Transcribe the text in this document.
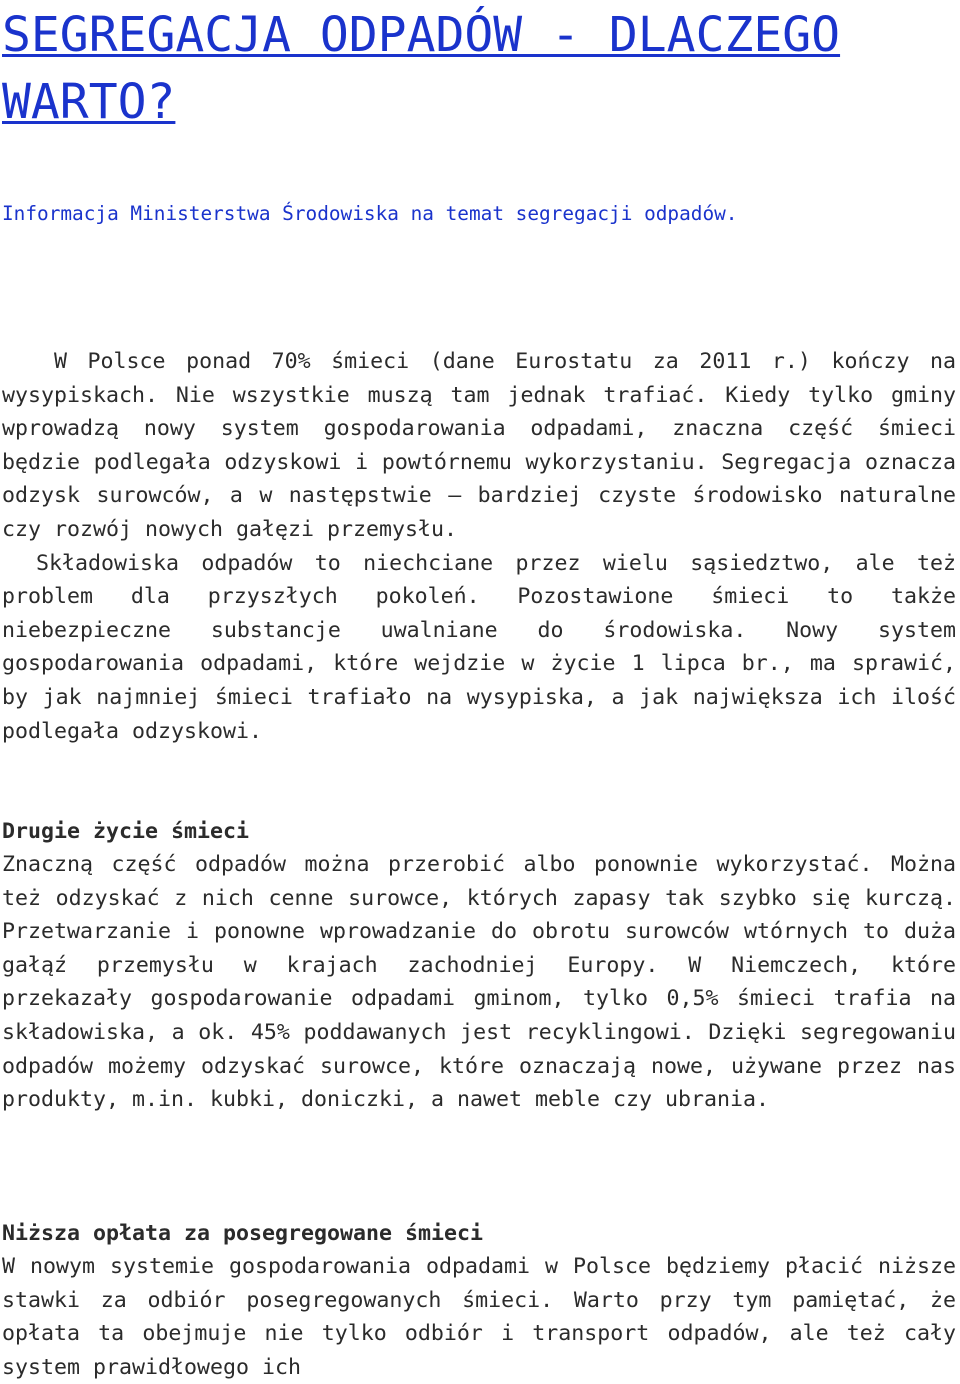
SEGREGACJA ODPADÓW - DLACZEGO WARTO?

Informacja Ministerstwa Środowiska na temat segregacji odpadów.

W Polsce ponad 70% śmieci (dane Eurostatu za 2011 r.) kończy na wysypiskach. Nie wszystkie muszą tam jednak trafiać. Kiedy tylko gminy wprowadzą nowy system gospodarowania odpadami, znaczna część śmieci będzie podlegała odzyskowi i powtórnemu wykorzystaniu. Segregacja oznacza odzysk surowców, a w następstwie – bardziej czyste środowisko naturalne czy rozwój nowych gałęzi przemysłu.
Składowiska odpadów to niechciane przez wielu sąsiedztwo, ale też problem dla przyszłych pokoleń. Pozostawione śmieci to także niebezpieczne substancje uwalniane do środowiska. Nowy system gospodarowania odpadami, które wejdzie w życie 1 lipca br., ma sprawić, by jak najmniej śmieci trafiało na wysypiska, a jak największa ich ilość podlegała odzyskowi.
Drugie życie śmieci

Znaczną część odpadów można przerobić albo ponownie wykorzystać. Można też odzyskać z nich cenne surowce, których zapasy tak szybko się kurczą. Przetwarzanie i ponowne wprowadzanie do obrotu surowców wtórnych to duża gałąź przemysłu w krajach zachodniej Europy. W Niemczech, które przekazały gospodarowanie odpadami gminom, tylko 0,5% śmieci trafia na składowiska, a ok. 45% poddawanych jest recyklingowi. Dzięki segregowaniu odpadów możemy odzyskać surowce, które oznaczają nowe, używane przez nas produkty, m.in. kubki, doniczki, a nawet meble czy ubrania.

Niższa opłata za posegregowane śmieci

W nowym systemie gospodarowania odpadami w Polsce będziemy płacić niższe stawki za odbiór posegregowanych śmieci. Warto przy tym pamiętać, że opłata ta obejmuje nie tylko odbiór i transport odpadów, ale też cały system prawidłowego ich
